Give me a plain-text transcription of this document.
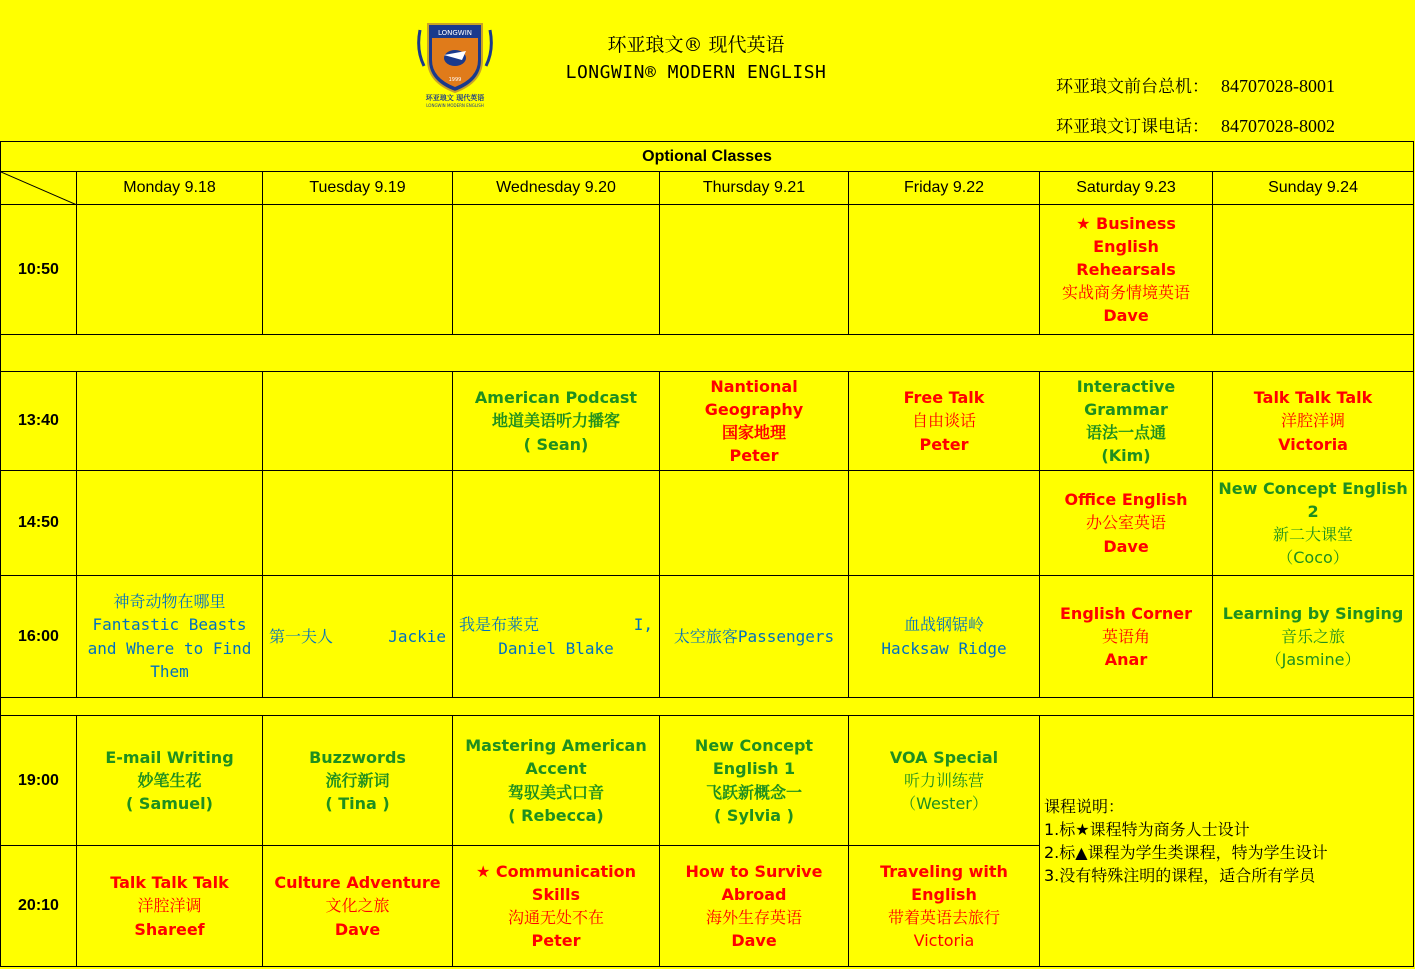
LONGWIN
1999
环亚琅文 现代英语
LONGWIN MODERN ENGLISH
环亚琅文® 现代英语
LONGWIN® MODERN ENGLISH
环亚琅文前台总机： 84707028-8001
环亚琅文订课电话： 84707028-8002
Optional Classes							

	Monday 9.18	Tuesday 9.19	Wednesday 9.20	Thursday 9.21	Friday 9.22	Saturday 9.23	Sunday 9.24
10:50						★ Business
English
Rehearsals
实战商务情境英语
Dave	

13:40			American Podcast
地道美语听力播客
( Sean)	Nantional
Geography
国家地理
Peter	Free Talk
自由谈话
Peter	Interactive
Grammar
语法一点通
(Kim)	Talk Talk Talk
洋腔洋调
Victoria

14:50						Office English
办公室英语
Dave	New Concept English
2
新二大课堂
（Coco）

16:00	神奇动物在哪里
Fantastic Beasts
and Where to Find
Them	第一夫人 Jackie	我是布莱克 I,
Daniel Blake	太空旅客Passengers	血战钢锯岭
Hacksaw Ridge	English Corner
英语角
Anar	Learning by Singing
音乐之旅
（Jasmine）

19:00	E-mail Writing
妙笔生花
( Samuel)	Buzzwords
流行新词
( Tina )	Mastering American
Accent
驾驭美式口音
( Rebecca)	New Concept
English 1
飞跃新概念一
( Sylvia )	VOA Special
听力训练营
（Wester）	课程说明：
1.标★课程特为商务人士设计
2.标▲课程为学生类课程，特为学生设计
3.没有特殊注明的课程，适合所有学员	

20:10	Talk Talk Talk
洋腔洋调
Shareef	Culture Adventure
文化之旅
Dave	★ Communication
Skills
沟通无处不在
Peter	How to Survive
Abroad
海外生存英语
Dave	Traveling with
English
带着英语去旅行
Victoria		
